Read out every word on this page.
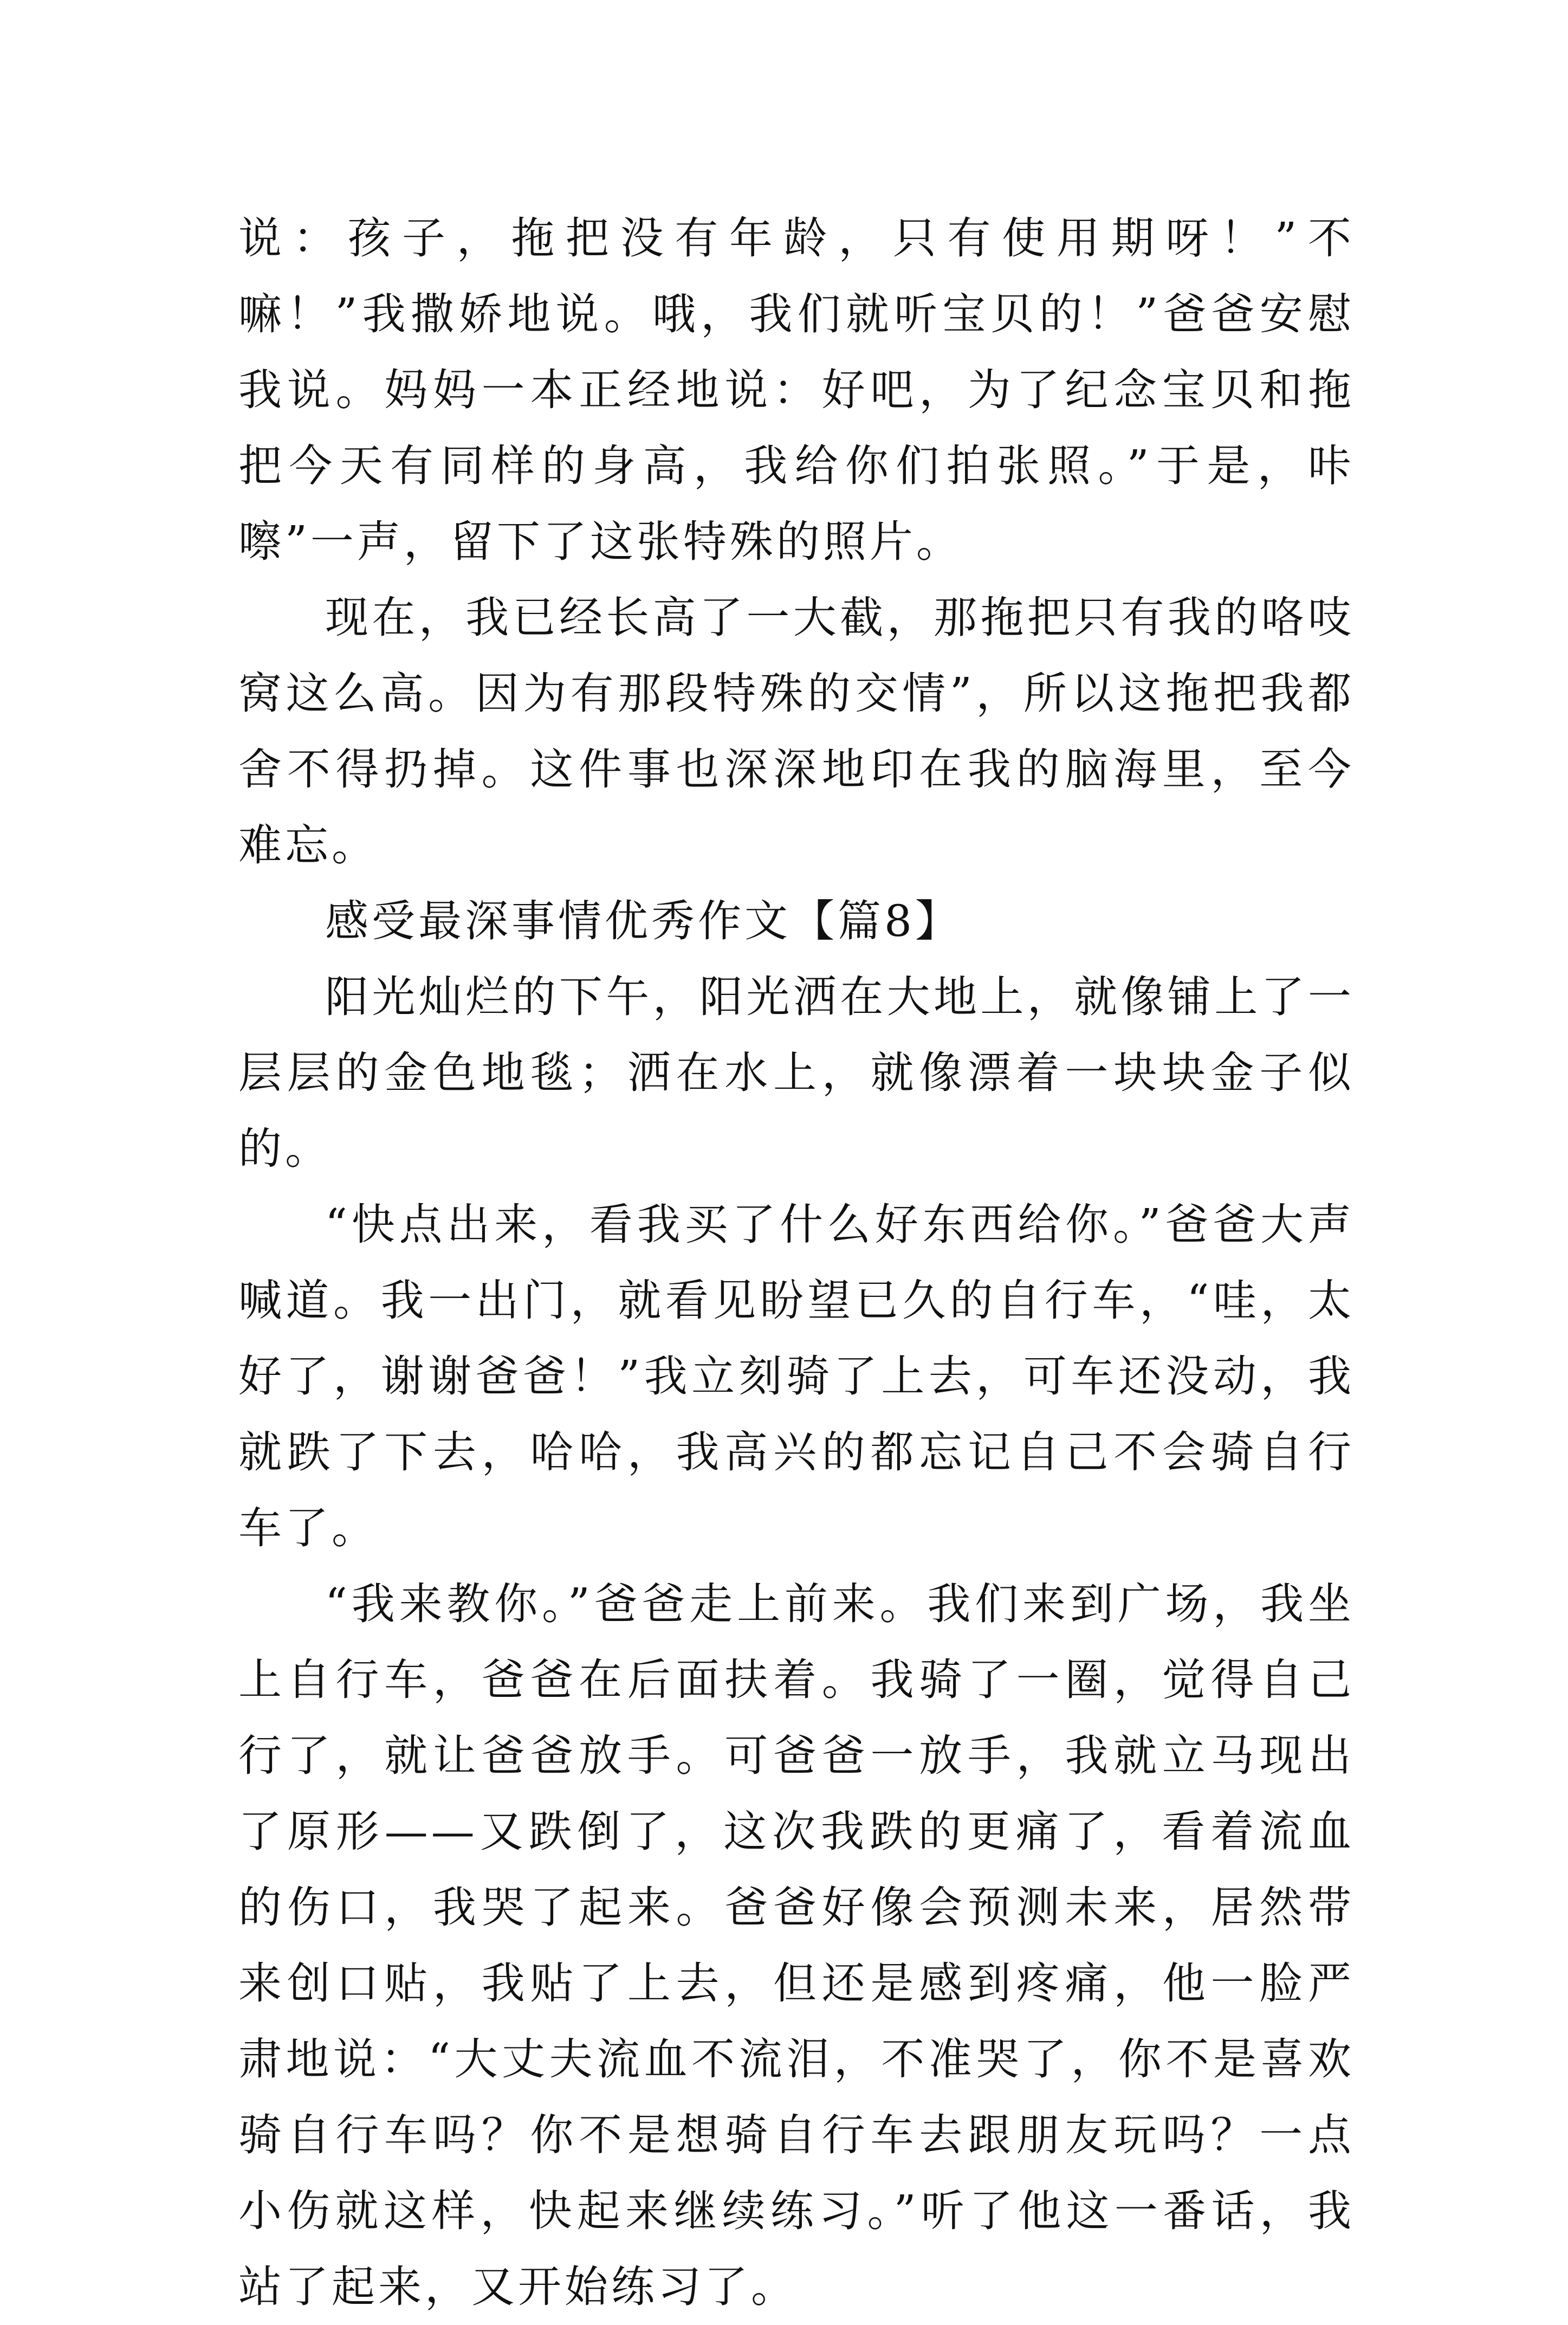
说：孩子，拖把没有年龄，只有使用期呀！”不嘛！”我撒娇地说。哦，我们就听宝贝的！”爸爸安慰我说。妈妈一本正经地说：好吧，为了纪念宝贝和拖把今天有同样的身高，我给你们拍张照。”于是，咔嚓”一声，留下了这张特殊的照片。

现在，我已经长高了一大截，那拖把只有我的咯吱窝这么高。因为有那段特殊的交情”，所以这拖把我都舍不得扔掉。这件事也深深地印在我的脑海里，至今难忘。

感受最深事情优秀作文【篇8】

阳光灿烂的下午，阳光洒在大地上，就像铺上了一层层的金色地毯；洒在水上，就像漂着一块块金子似的。

“快点出来，看我买了什么好东西给你。”爸爸大声喊道。我一出门，就看见盼望已久的自行车，“哇，太好了，谢谢爸爸！”我立刻骑了上去，可车还没动，我就跌了下去，哈哈，我高兴的都忘记自己不会骑自行车了。

“我来教你。”爸爸走上前来。我们来到广场，我坐上自行车，爸爸在后面扶着。我骑了一圈，觉得自己行了，就让爸爸放手。可爸爸一放手，我就立马现出了原形——又跌倒了，这次我跌的更痛了，看着流血的伤口，我哭了起来。爸爸好像会预测未来，居然带来创口贴，我贴了上去，但还是感到疼痛，他一脸严肃地说：“大丈夫流血不流泪，不准哭了，你不是喜欢骑自行车吗？你不是想骑自行车去跟朋友玩吗？一点小伤就这样，快起来继续练习。”听了他这一番话，我站了起来，又开始练习了。
